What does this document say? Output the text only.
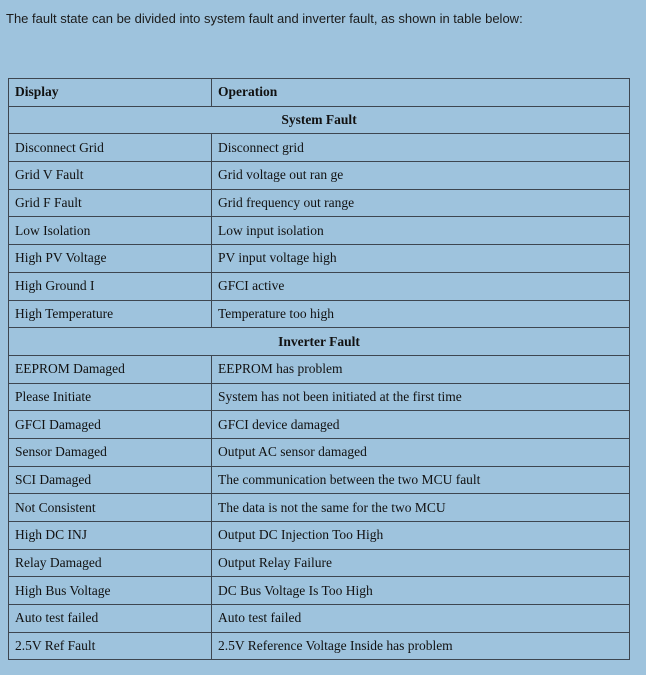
The fault state can be divided into system fault and inverter fault, as shown in table below:
Display	Operation
System Fault	
Disconnect Grid	Disconnect grid
Grid V Fault	Grid voltage out ran ge
Grid F Fault	Grid frequency out range
Low Isolation	Low input isolation
High PV Voltage	PV input voltage high
High Ground I	GFCI active
High Temperature	Temperature too high
Inverter Fault	
EEPROM Damaged	EEPROM has problem
Please Initiate	System has not been initiated at the first time
GFCI Damaged	GFCI device damaged
Sensor Damaged	Output AC sensor damaged
SCI Damaged	The communication between the two MCU fault
Not Consistent	The data is not the same for the two MCU
High DC INJ	Output DC Injection Too High
Relay Damaged	Output Relay Failure
High Bus Voltage	DC Bus Voltage Is Too High
Auto test failed	Auto test failed
2.5V Ref Fault	2.5V Reference Voltage Inside has problem
